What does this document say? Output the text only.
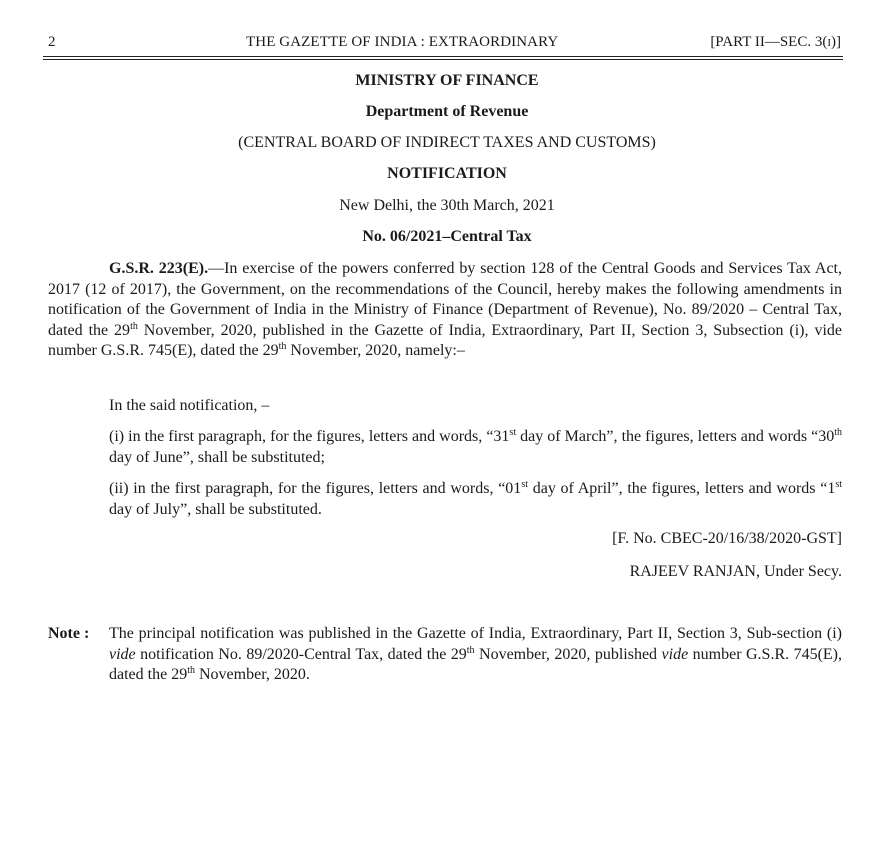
2	THE GAZETTE OF INDIA : EXTRAORDINARY	[PART II—SEC. 3(i)]
MINISTRY OF FINANCE
Department of Revenue
(CENTRAL BOARD OF INDIRECT TAXES AND CUSTOMS)
NOTIFICATION
New Delhi, the 30th March, 2021
No. 06/2021–Central Tax
G.S.R. 223(E).—In exercise of the powers conferred by section 128 of the Central Goods and Services Tax Act, 2017 (12 of 2017), the Government, on the recommendations of the Council, hereby makes the following amendments in notification of the Government of India in the Ministry of Finance (Department of Revenue), No. 89/2020 – Central Tax, dated the 29th November, 2020, published in the Gazette of India, Extraordinary, Part II, Section 3, Subsection (i), vide number G.S.R. 745(E), dated the 29th November, 2020, namely:–
In the said notification, –
(i) in the first paragraph, for the figures, letters and words, “31st day of March”, the figures, letters and words “30th day of June”, shall be substituted;
(ii) in the first paragraph, for the figures, letters and words, “01st day of April”, the figures, letters and words “1st day of July”, shall be substituted.
[F. No. CBEC-20/16/38/2020-GST]
RAJEEV RANJAN, Under Secy.
Note : The principal notification was published in the Gazette of India, Extraordinary, Part II, Section 3, Sub-section (i) vide notification No. 89/2020-Central Tax, dated the 29th November, 2020, published vide number G.S.R. 745(E), dated the 29th November, 2020.
